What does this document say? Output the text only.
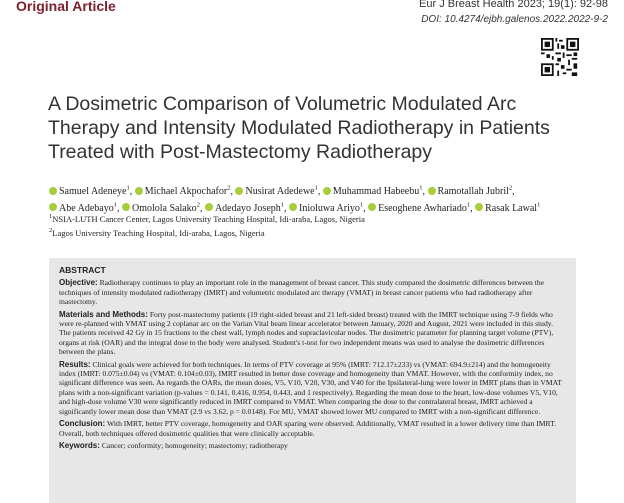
Original Article	Eur J Breast Health 2023; 19(1): 92-98
DOI: 10.4274/ejbh.galenos.2022.2022-9-2
A Dosimetric Comparison of Volumetric Modulated Arc Therapy and Intensity Modulated Radiotherapy in Patients Treated with Post-Mastectomy Radiotherapy
Samuel Adeneye$^1$, Michael Akpochafor$^2$, Nusirat Adedewe$^1$, Muhammad Habeebu$^1$, Ramotallah Jubril$^2$, Abe Adebayo$^1$, Omolola Salako$^2$, Adedayo Joseph$^1$, Inioluwa Ariyo$^1$, Eseoghene Awhariado$^1$, Rasak Lawal$^1$
$^1$NSIA-LUTH Cancer Center, Lagos University Teaching Hospital, Idi-araba, Lagos, Nigeria
$^2$Lagos University Teaching Hospital, Idi-araba, Lagos, Nigeria
ABSTRACT

Objective: Radiotherapy continues to play an important role in the management of breast cancer. This study compared the dosimetric differences between the techniques of intensity modulated radiotherapy (IMRT) and volumetric modulated arc therapy (VMAT) in breast cancer patients who had radiotherapy after mastectomy.

Materials and Methods: Forty post-mastectomy patients (19 right-sided breast and 21 left-sided breast) treated with the IMRT technique using 7-9 fields who were re-planned with VMAT using 2 coplanar arc on the Varian Vital beam linear accelerator between January, 2020 and August, 2021 were included in this study. The patients received 42 Gy in 15 fractions to the chest wall, lymph nodes and supraclavicular nodes. The dosimetric parameter for planning target volume (PTV), organs at risk (OAR) and the integral dose to the body were analysed. Student's t-test for two independent means was used to analyse the dosimetric differences between the plans.

Results: Clinical goals were achieved for both techniques. In terms of PTV coverage at 95% (IMRT: 712.17±233) vs (VMAT: 694.9±214) and the homogeneity index (IMRT: 0.075±0.04) vs (VMAT: 0.104±0.03), IMRT resulted in better dose coverage and homogeneity than VMAT. However, with the conformity index, no significant difference was seen. As regards the OARs, the mean doses, V5, V10, V20, V30, and V40 for the Ipsilateral-lung were lower in IMRT plans than in VMAT plans with a non-significant variation (p-values = 0.141, 0.416, 0.954, 0.443, and 1 respectively). Regarding the mean dose to the heart, low-dose volumes V5, V10, and high-dose volume V30 were significantly reduced in IMRT compared to VMAT. When comparing the dose to the contralateral breast, IMRT achieved a significantly lower mean dose than VMAT (2.9 vs 3.62, p = 0.0148). For MU, VMAT showed lower MU compared to IMRT with a non-significant difference.

Conclusion: With IMRT, better PTV coverage, homogeneity and OAR sparing were observed. Additionally, VMAT resulted in a lower delivery time than IMRT. Overall, both techniques offered dosimetric qualities that were clinically acceptable.

Keywords: Cancer; conformity; homogeneity; mastectomy; radiotherapy
